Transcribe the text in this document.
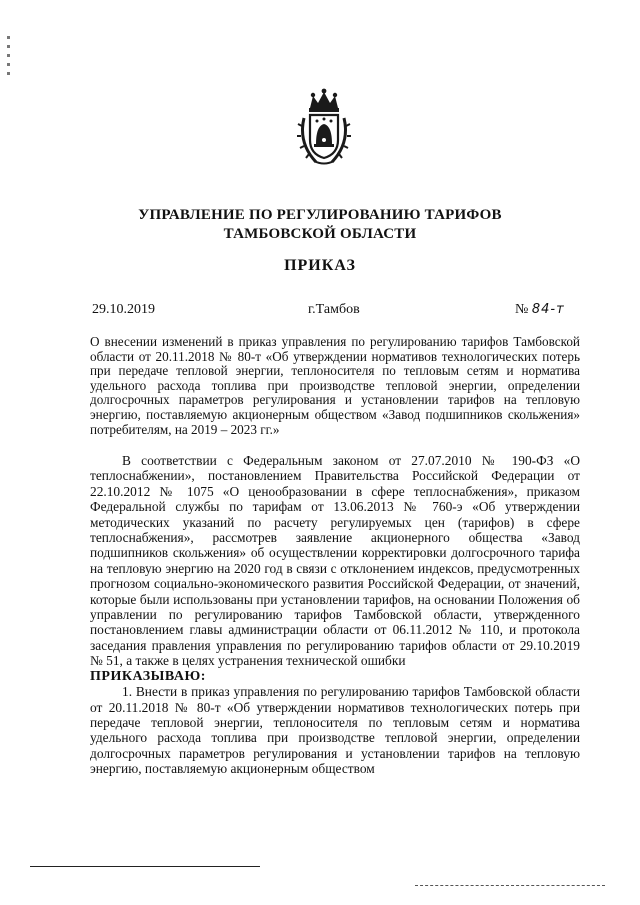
УПРАВЛЕНИЕ ПО РЕГУЛИРОВАНИЮ ТАРИФОВ
ТАМБОВСКОЙ ОБЛАСТИ
ПРИКАЗ
29.10.2019	г.Тамбов	№ 84-т
О внесении изменений в приказ управления по регулированию тарифов Тамбовской области от 20.11.2018 № 80-т «Об утверждении нормативов технологических потерь при передаче тепловой энергии, теплоносителя по тепловым сетям и норматива удельного расхода топлива при производстве тепловой энергии, определении долгосрочных параметров регулирования и установлении тарифов на тепловую энергию, поставляемую акционерным обществом «Завод подшипников скольжения» потребителям, на 2019 – 2023 гг.»

В соответствии с Федеральным законом от 27.07.2010 № 190-ФЗ «О теплоснабжении», постановлением Правительства Российской Федерации от 22.10.2012 № 1075 «О ценообразовании в сфере теплоснабжения», приказом Федеральной службы по тарифам от 13.06.2013 № 760-э «Об утверждении методических указаний по расчету регулируемых цен (тарифов) в сфере теплоснабжения», рассмотрев заявление акционерного общества «Завод подшипников скольжения» об осуществлении корректировки долгосрочного тарифа на тепловую энергию на 2020 год в связи с отклонением индексов, предусмотренных прогнозом социально-экономического развития Российской Федерации, от значений, которые были использованы при установлении тарифов, на основании Положения об управлении по регулированию тарифов Тамбовской области, утвержденного постановлением главы администрации области от 06.11.2012 № 110, и протокола заседания правления управления по регулированию тарифов области от 29.10.2019 № 51, а также в целях устранения технической ошибки

ПРИКАЗЫВАЮ:

1. Внести в приказ управления по регулированию тарифов Тамбовской области от 20.11.2018 № 80-т «Об утверждении нормативов технологических потерь при передаче тепловой энергии, теплоносителя по тепловым сетям и норматива удельного расхода топлива при производстве тепловой энергии, определении долгосрочных параметров регулирования и установлении тарифов на тепловую энергию, поставляемую акционерным обществом
